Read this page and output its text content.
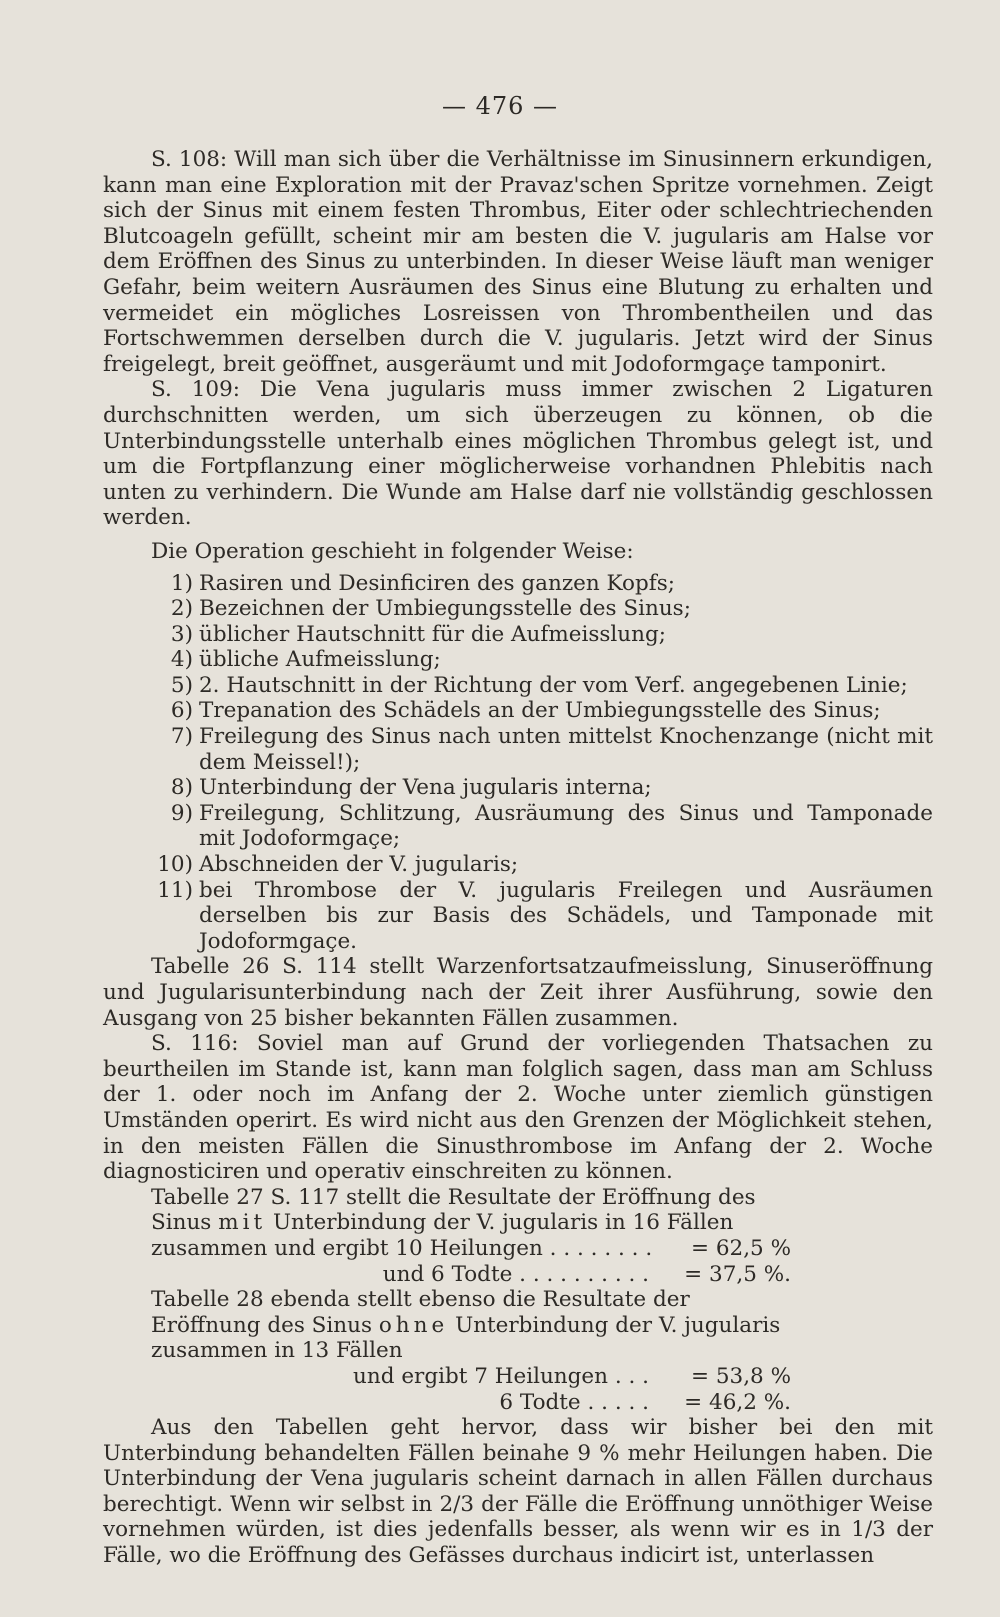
— 476 —

S. 108: Will man sich über die Verhältnisse im Sinusinnern erkundigen, kann man eine Exploration mit der Pravaz'schen Spritze vornehmen. Zeigt sich der Sinus mit einem festen Thrombus, Eiter oder schlechtriechenden Blutcoageln gefüllt, scheint mir am besten die V. jugularis am Halse vor dem Eröffnen des Sinus zu unterbinden. In dieser Weise läuft man weniger Gefahr, beim weitern Ausräumen des Sinus eine Blutung zu erhalten und vermeidet ein mögliches Losreissen von Thrombentheilen und das Fortschwemmen derselben durch die V. jugularis. Jetzt wird der Sinus freigelegt, breit geöffnet, ausgeräumt und mit Jodoformgaçe tamponirt.

S. 109: Die Vena jugularis muss immer zwischen 2 Ligaturen durchschnitten werden, um sich überzeugen zu können, ob die Unterbindungsstelle unterhalb eines möglichen Thrombus gelegt ist, und um die Fortpflanzung einer möglicherweise vorhandnen Phlebitis nach unten zu verhindern. Die Wunde am Halse darf nie vollständig geschlossen werden.

Die Operation geschieht in folgender Weise:

1) Rasiren und Desinficiren des ganzen Kopfs;
2) Bezeichnen der Umbiegungsstelle des Sinus;
3) üblicher Hautschnitt für die Aufmeisslung;
4) übliche Aufmeisslung;
5) 2. Hautschnitt in der Richtung der vom Verf. angegebenen Linie;
6) Trepanation des Schädels an der Umbiegungsstelle des Sinus;
7) Freilegung des Sinus nach unten mittelst Knochenzange (nicht mit dem Meissel!);
8) Unterbindung der Vena jugularis interna;
9) Freilegung, Schlitzung, Ausräumung des Sinus und Tamponade mit Jodoformgaçe;
10) Abschneiden der V. jugularis;
11) bei Thrombose der V. jugularis Freilegen und Ausräumen derselben bis zur Basis des Schädels, und Tamponade mit Jodoformgaçe.

Tabelle 26 S. 114 stellt Warzenfortsatzaufmeisslung, Sinuseröffnung und Jugularisunterbindung nach der Zeit ihrer Ausführung, sowie den Ausgang von 25 bisher bekannten Fällen zusammen.

S. 116: Soviel man auf Grund der vorliegenden Thatsachen zu beurtheilen im Stande ist, kann man folglich sagen, dass man am Schluss der 1. oder noch im Anfang der 2. Woche unter ziemlich günstigen Umständen operirt. Es wird nicht aus den Grenzen der Möglichkeit stehen, in den meisten Fällen die Sinusthrombose im Anfang der 2. Woche diagnosticiren und operativ einschreiten zu können.

Tabelle 27 S. 117 stellt die Resultate der Eröffnung des Sinus mit Unterbindung der V. jugularis in 16 Fällen
zusammen und ergibt 10 Heilungen . . . . . . . .	= 62,5 %
und 6 Todte . . . . . . . . . .	= 37,5 %.
Tabelle 28 ebenda stellt ebenso die Resultate der Eröffnung des Sinus ohne Unterbindung der V. jugularis zusammen in 13 Fällen
und ergibt 7 Heilungen . . .	= 53,8 %
6 Todte . . . . .	= 46,2 %.

Aus den Tabellen geht hervor, dass wir bisher bei den mit Unterbindung behandelten Fällen beinahe 9 % mehr Heilungen haben. Die Unterbindung der Vena jugularis scheint darnach in allen Fällen durchaus berechtigt. Wenn wir selbst in 2/3 der Fälle die Eröffnung unnöthiger Weise vornehmen würden, ist dies jedenfalls besser, als wenn wir es in 1/3 der Fälle, wo die Eröffnung des Gefässes durchaus indicirt ist, unterlassen
